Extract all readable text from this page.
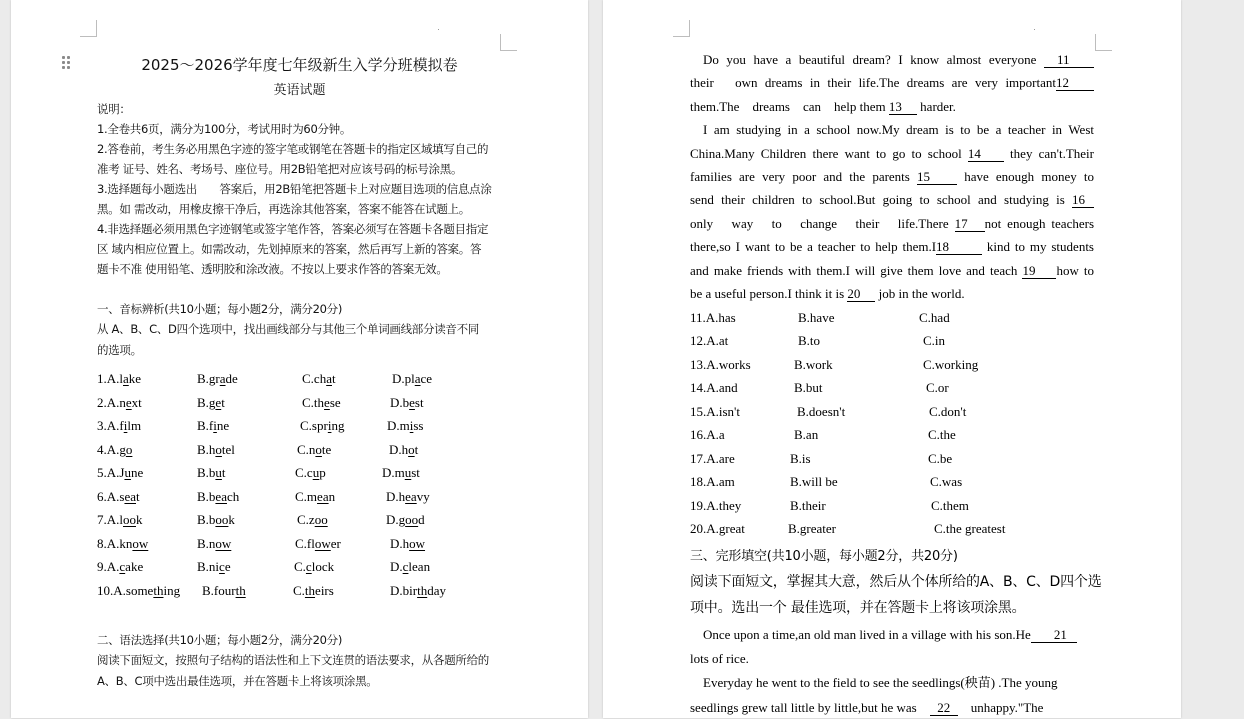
2025～2026学年度七年级新生入学分班模拟卷
英语试题
说明：
一、音标辨析(共10小题；每小题2分，满分20分)
从 A、B、C、D四个选项中，找出画线部分与其他三个单词画线部分读音不同
的选项。
1.A.lake	B.grade	C.chat	D.place
2.A.next	B.get	C.these	D.best
3.A.film	B.fine	C.spring	D.miss
4.A.go	B.hotel	C.note	D.hot
5.A.June	B.but	C.cup	D.must
6.A.seat	B.beach	C.mean	D.heavy
7.A.look	B.book	C.zoo	D.good
8.A.know	B.now	C.flower	D.how
9.A.cake	B.nice	C.clock	D.clean
10.A.something B.fourth	C.theirs	D.birthday
二、语法选择(共10小题；每小题2分，满分20分)
阅读下面短文，按照句子结构的语法性和上下文连贯的语法要求，从各题所给的
A、B、C项中选出最佳选项，并在答题卡上将该项涂黑。
Do you have a beautiful dream? I know almost everyone 11
their　own dreams in their life.The dreams are very important12
them.The　dreams　can　help them 13 harder.
I am studying in a school now.My dream is to be a teacher in West
China.Many Children there want to go to school 14 they can't.Their
families are very poor and the parents 15 have enough money to
send their children to school.But going to school and studying is 16
only　way　to　change　their　life.There 17 not enough teachers
there,so I want to be a teacher to help them.I18	kind to my students
and make friends with them.I will give them love and teach 19 how to
be a useful person.I think it is 20 job in the world.
11.A.has	B.have	C.had
12.A.at	B.to	C.in
13.A.works	B.work	C.working
14.A.and	B.but	C.or
15.A.isn't	B.doesn't	C.don't
16.A.a	B.an	C.the
17.A.are	B.is	C.be
18.A.am	B.will be	C.was
19.A.they	B.their	C.them
20.A.great	B.greater	C.the greatest
三、完形填空(共10小题，每小题2分，共20分)
阅读下面短文，掌握其大意，然后从个体所给的A、B、C、D四个选
项中。选出一个 最佳选项，并在答题卡上将该项涂黑。
Once upon a time,an old man lived in a village with his son.He 21
lots of rice.
Everyday he went to the field to see the seedlings(秧苗) .The young
seedlings grew tall little by little,but he was　22　unhappy."The
1.全卷共6页，满分为100分，考试用时为60分钟。
2.答卷前，考生务必用黑色字迹的签字笔或钢笔在答题卡的指定区域填写自己的
准考 证号、姓名、考场号、座位号。用2B铅笔把对应该号码的标号涂黑。
3.选择题每小题选出　　答案后，用2B铅笔把答题卡上对应题目选项的信息点涂
黑。如 需改动，用橡皮擦干净后，再选涂其他答案，答案不能答在试题上。
4.非选择题必须用黑色字迹钢笔或签字笔作答，答案必须写在答题卡各题目指定
区 域内相应位置上。如需改动，先划掉原来的答案，然后再写上新的答案。答
题卡不准 使用铅笔、透明胶和涂改液。不按以上要求作答的答案无效。
